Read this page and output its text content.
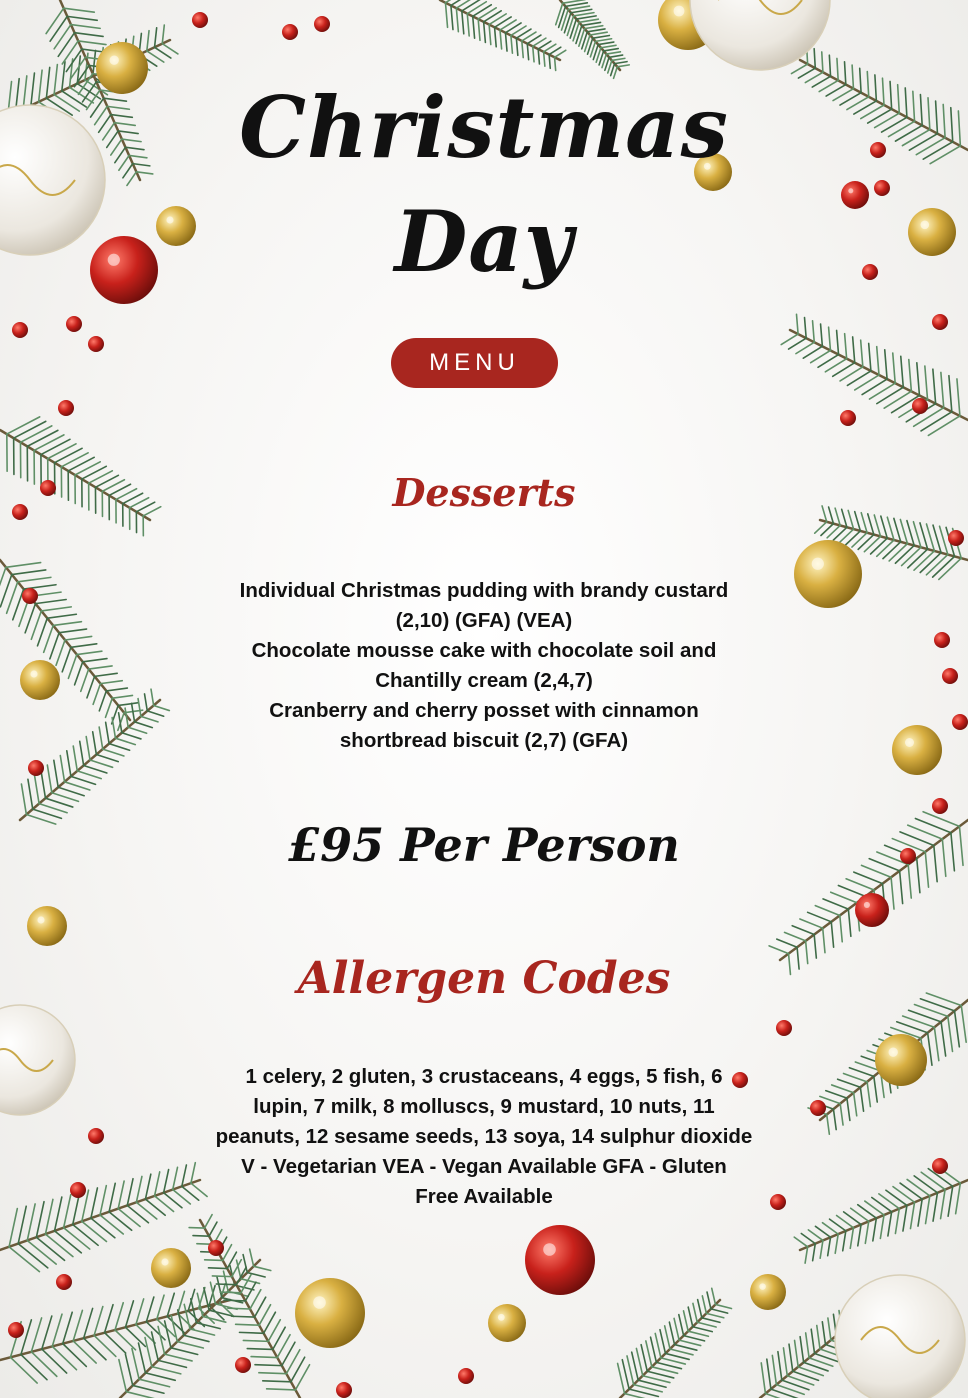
Christmas
Day
MENU
Desserts
Individual Christmas pudding with brandy custard
(2,10) (GFA) (VEA)
Chocolate mousse cake with chocolate soil and
Chantilly cream (2,4,7)
Cranberry and cherry posset with cinnamon
shortbread biscuit (2,7) (GFA)
£95 Per Person
Allergen Codes
1 celery, 2 gluten, 3 crustaceans, 4 eggs, 5 fish, 6
lupin, 7 milk, 8 molluscs, 9 mustard, 10 nuts, 11
peanuts, 12 sesame seeds, 13 soya, 14 sulphur dioxide
V - Vegetarian VEA - Vegan Available GFA - Gluten
Free Available
